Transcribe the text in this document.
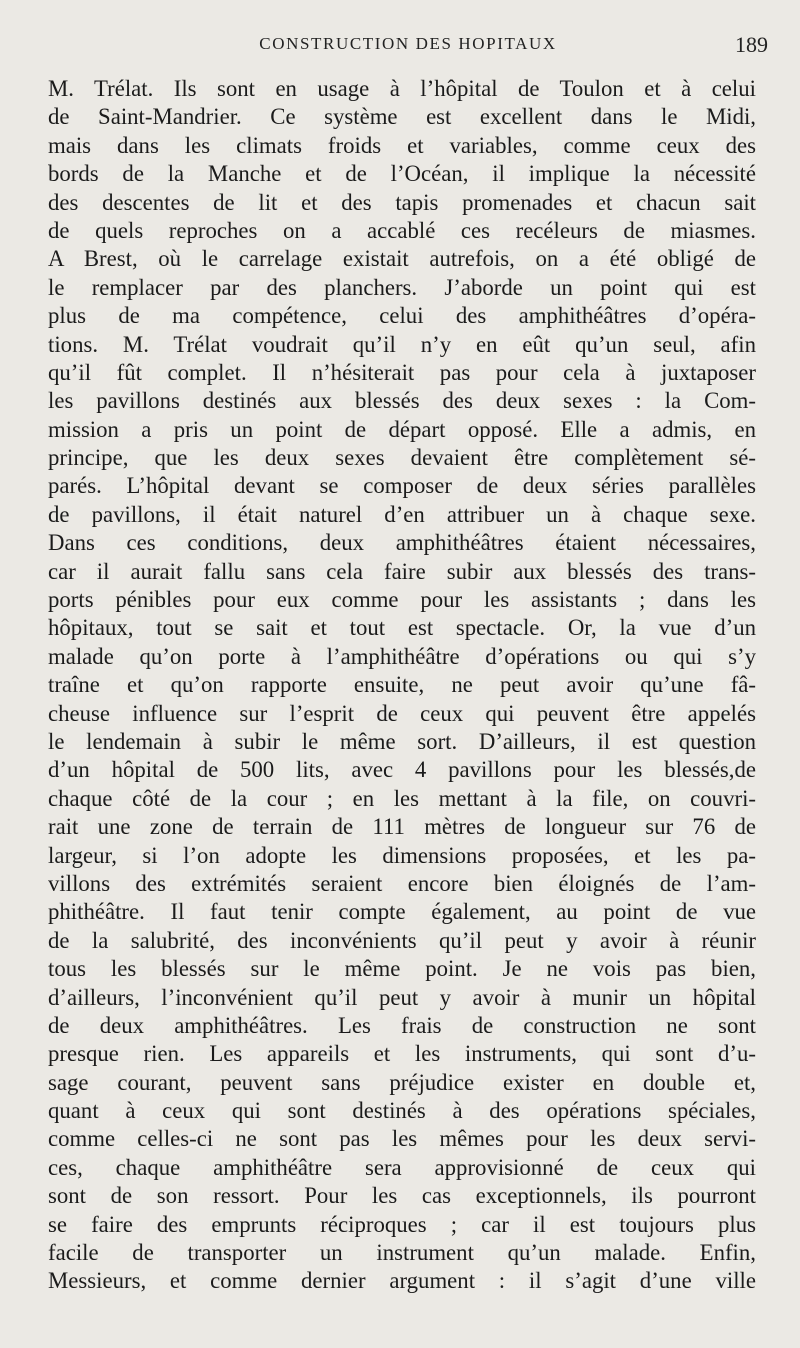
CONSTRUCTION DES HOPITAUX	189
M. Trélat. Ils sont en usage à l’hôpital de Toulon et à celui
de Saint-Mandrier. Ce système est excellent dans le Midi,
mais dans les climats froids et variables, comme ceux des
bords de la Manche et de l’Océan, il implique la nécessité
des descentes de lit et des tapis promenades et chacun sait
de quels reproches on a accablé ces recéleurs de miasmes.
A Brest, où le carrelage existait autrefois, on a été obligé de
le remplacer par des planchers. J’aborde un point qui est
plus de ma compétence, celui des amphithéâtres d’opéra-
tions. M. Trélat voudrait qu’il n’y en eût qu’un seul, afin
qu’il fût complet. Il n’hésiterait pas pour cela à juxtaposer
les pavillons destinés aux blessés des deux sexes : la Com-
mission a pris un point de départ opposé. Elle a admis, en
principe, que les deux sexes devaient être complètement sé-
parés. L’hôpital devant se composer de deux séries parallèles
de pavillons, il était naturel d’en attribuer un à chaque sexe.
Dans ces conditions, deux amphithéâtres étaient nécessaires,
car il aurait fallu sans cela faire subir aux blessés des trans-
ports pénibles pour eux comme pour les assistants ; dans les
hôpitaux, tout se sait et tout est spectacle. Or, la vue d’un
malade qu’on porte à l’amphithéâtre d’opérations ou qui s’y
traîne et qu’on rapporte ensuite, ne peut avoir qu’une fâ-
cheuse influence sur l’esprit de ceux qui peuvent être appelés
le lendemain à subir le même sort. D’ailleurs, il est question
d’un hôpital de 500 lits, avec 4 pavillons pour les blessés,de
chaque côté de la cour ; en les mettant à la file, on couvri-
rait une zone de terrain de 111 mètres de longueur sur 76 de
largeur, si l’on adopte les dimensions proposées, et les pa-
villons des extrémités seraient encore bien éloignés de l’am-
phithéâtre. Il faut tenir compte également, au point de vue
de la salubrité, des inconvénients qu’il peut y avoir à réunir
tous les blessés sur le même point. Je ne vois pas bien,
d’ailleurs, l’inconvénient qu’il peut y avoir à munir un hôpital
de deux amphithéâtres. Les frais de construction ne sont
presque rien. Les appareils et les instruments, qui sont d’u-
sage courant, peuvent sans préjudice exister en double et,
quant à ceux qui sont destinés à des opérations spéciales,
comme celles-ci ne sont pas les mêmes pour les deux servi-
ces, chaque amphithéâtre sera approvisionné de ceux qui
sont de son ressort. Pour les cas exceptionnels, ils pourront
se faire des emprunts réciproques ; car il est toujours plus
facile de transporter un instrument qu’un malade. Enfin,
Messieurs, et comme dernier argument : il s’agit d’une ville
